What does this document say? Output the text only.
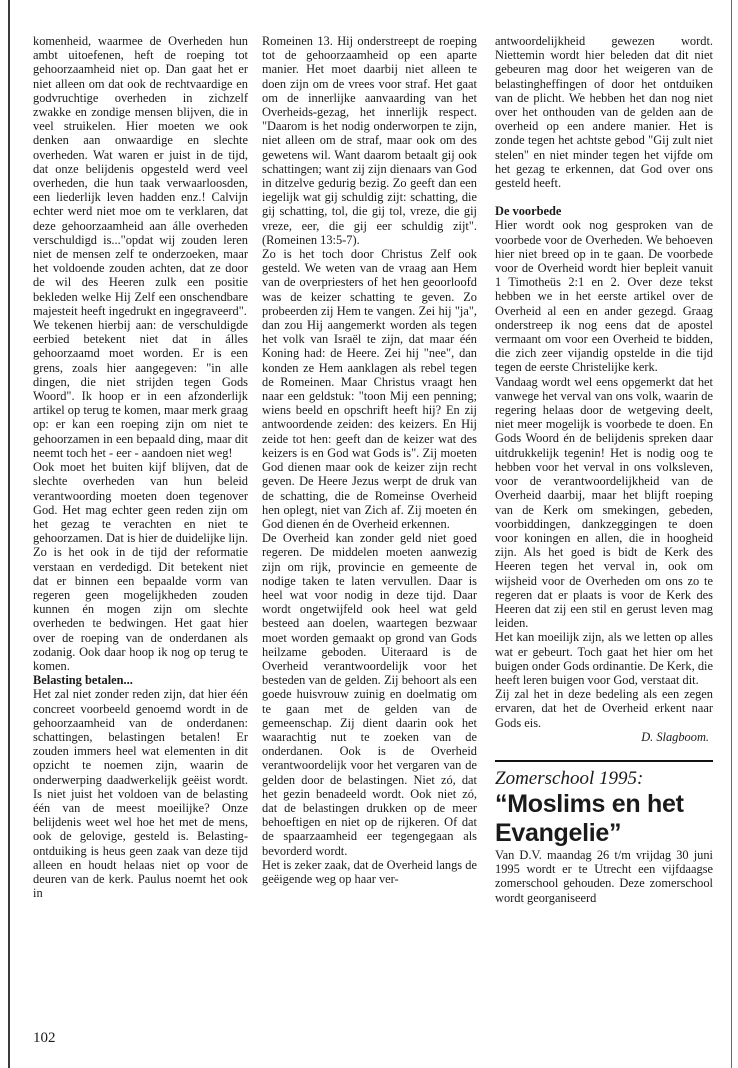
komenheid, waarmee de Overheden hun ambt uitoefenen, heft de roeping tot gehoorzaamheid niet op. Dan gaat het er niet alleen om dat ook de rechtvaardige en godvruchtige overheden in zichzelf zwakke en zondige mensen blijven, die in veel struikelen. Hier moeten we ook denken aan onwaardige en slechte overheden. Wat waren er juist in de tijd, dat onze belijdenis opgesteld werd veel overheden, die hun taak verwaarloosden, een liederlijk leven hadden enz.! Calvijn echter werd niet moe om te verklaren, dat deze gehoorzaamheid aan álle overheden verschuldigd is..."opdat wij zouden leren niet de mensen zelf te onderzoeken, maar het voldoende zouden achten, dat ze door de wil des Heeren zulk een positie bekleden welke Hij Zelf een onschendbare majesteit heeft ingedrukt en ingegraveerd".

We tekenen hierbij aan: de verschuldigde eerbied betekent niet dat in álles gehoorzaamd moet worden. Er is een grens, zoals hier aangegeven: "in alle dingen, die niet strijden tegen Gods Woord". Ik hoop er in een afzonderlijk artikel op terug te komen, maar merk graag op: er kan een roeping zijn om niet te gehoorzamen in een bepaald ding, maar dit neemt toch het - eer - aandoen niet weg!

Ook moet het buiten kijf blijven, dat de slechte overheden van hun beleid verantwoording moeten doen tegenover God. Het mag echter geen reden zijn om het gezag te verachten en niet te gehoorzamen. Dat is hier de duidelijke lijn. Zo is het ook in de tijd der reformatie verstaan en verdedigd. Dit betekent niet dat er binnen een bepaalde vorm van regeren geen mogelijkheden zouden kunnen én mogen zijn om slechte overheden te bedwingen. Het gaat hier over de roeping van de onderdanen als zodanig. Ook daar hoop ik nog op terug te komen.

Belasting betalen...

Het zal niet zonder reden zijn, dat hier één concreet voorbeeld genoemd wordt in de gehoorzaamheid van de onderdanen: schattingen, belastingen betalen! Er zouden immers heel wat elementen in dit opzicht te noemen zijn, waarin de onderwerping daadwerkelijk geëist wordt. Is niet juist het voldoen van de belasting één van de meest moeilijke? Onze belijdenis weet wel hoe het met de mens, ook de gelovige, gesteld is. Belasting-ontduiking is heus geen zaak van deze tijd alleen en houdt helaas niet op voor de deuren van de kerk. Paulus noemt het ook in

Romeinen 13. Hij onderstreept de roeping tot de gehoorzaamheid op een aparte manier. Het moet daarbij niet alleen te doen zijn om de vrees voor straf. Het gaat om de innerlijke aanvaarding van het Overheids-gezag, het innerlijk respect. "Daarom is het nodig onderworpen te zijn, niet alleen om de straf, maar ook om des gewetens wil. Want daarom betaalt gij ook schattingen; want zij zijn dienaars van God in ditzelve gedurig bezig. Zo geeft dan een iegelijk wat gij schuldig zijt: schatting, die gij schatting, tol, die gij tol, vreze, die gij vreze, eer, die gij eer schuldig zijt". (Romeinen 13:5-7).

Zo is het toch door Christus Zelf ook gesteld. We weten van de vraag aan Hem van de overpriesters of het hen geoorloofd was de keizer schatting te geven. Zo probeerden zij Hem te vangen. Zei hij "ja", dan zou Hij aangemerkt worden als tegen het volk van Israël te zijn, dat maar één Koning had: de Heere. Zei hij "nee", dan konden ze Hem aanklagen als rebel tegen de Romeinen. Maar Christus vraagt hen naar een geldstuk: "toon Mij een penning; wiens beeld en opschrift heeft hij? En zij antwoordende zeiden: des keizers. En Hij zeide tot hen: geeft dan de keizer wat des keizers is en God wat Gods is". Zij moeten God dienen maar ook de keizer zijn recht geven. De Heere Jezus werpt de druk van de schatting, die de Romeinse Overheid hen oplegt, niet van Zich af. Zij moeten én God dienen én de Overheid erkennen.

De Overheid kan zonder geld niet goed regeren. De middelen moeten aanwezig zijn om rijk, provincie en gemeente de nodige taken te laten vervullen. Daar is heel wat voor nodig in deze tijd. Daar wordt ongetwijfeld ook heel wat geld besteed aan doelen, waartegen bezwaar moet worden gemaakt op grond van Gods heilzame geboden. Uiteraard is de Overheid verantwoordelijk voor het besteden van de gelden. Zij behoort als een goede huisvrouw zuinig en doelmatig om te gaan met de gelden van de gemeenschap. Zij dient daarin ook het waarachtig nut te zoeken van de onderdanen. Ook is de Overheid verantwoordelijk voor het vergaren van de gelden door de belastingen. Niet zó, dat het gezin benadeeld wordt. Ook niet zó, dat de belastingen drukken op de meer behoeftigen en niet op de rijkeren. Of dat de spaarzaamheid eer tegengegaan als bevorderd wordt.

Het is zeker zaak, dat de Overheid langs de geëigende weg op haar ver-

antwoordelijkheid gewezen wordt. Niettemin wordt hier beleden dat dit niet gebeuren mag door het weigeren van de belastingheffingen of door het ontduiken van de plicht. We hebben het dan nog niet over het onthouden van de gelden aan de overheid op een andere manier. Het is zonde tegen het achtste gebod "Gij zult niet stelen" en niet minder tegen het vijfde om het gezag te erkennen, dat God over ons gesteld heeft.

De voorbede

Hier wordt ook nog gesproken van de voorbede voor de Overheden. We behoeven hier niet breed op in te gaan. De voorbede voor de Overheid wordt hier bepleit vanuit 1 Timotheüs 2:1 en 2. Over deze tekst hebben we in het eerste artikel over de Overheid al een en ander gezegd. Graag onderstreep ik nog eens dat de apostel vermaant om voor een Overheid te bidden, die zich zeer vijandig opstelde in die tijd tegen de eerste Christelijke kerk.

Vandaag wordt wel eens opgemerkt dat het vanwege het verval van ons volk, waarin de regering helaas door de wetgeving deelt, niet meer mogelijk is voorbede te doen. En Gods Woord én de belijdenis spreken daar uitdrukkelijk tegenin! Het is nodig oog te hebben voor het verval in ons volksleven, voor de verantwoordelijkheid van de Overheid daarbij, maar het blijft roeping van de Kerk om smekingen, gebeden, voorbiddingen, dankzeggingen te doen voor koningen en allen, die in hoogheid zijn. Als het goed is bidt de Kerk des Heeren tegen het verval in, ook om wijsheid voor de Overheden om ons zo te regeren dat er plaats is voor de Kerk des Heeren dat zij een stil en gerust leven mag leiden.

Het kan moeilijk zijn, als we letten op alles wat er gebeurt. Toch gaat het hier om het buigen onder Gods ordinantie. De Kerk, die heeft leren buigen voor God, verstaat dit.

Zij zal het in deze bedeling als een zegen ervaren, dat het de Overheid erkent naar Gods eis.

D. Slagboom.

Zomerschool 1995:

“Moslims en het Evangelie”

Van D.V. maandag 26 t/m vrijdag 30 juni 1995 wordt er te Utrecht een vijfdaagse zomerschool gehouden. Deze zomerschool wordt georganiseerd

102
